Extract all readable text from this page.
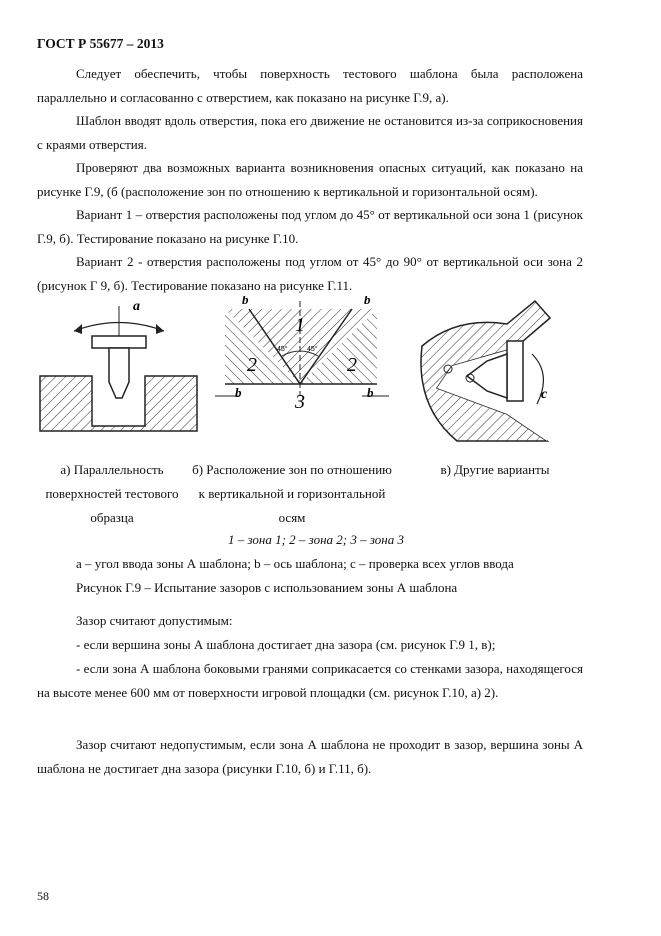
ГОСТ Р 55677 – 2013

Следует обеспечить, чтобы поверхность тестового шаблона была расположена параллельно и согласованно с отверстием, как показано на рисунке Г.9, а).

Шаблон вводят вдоль отверстия, пока его движение не остановится из-за соприкосновения с краями отверстия.

Проверяют два возможных варианта возникновения опасных ситуаций, как показано на рисунке Г.9, (б (расположение зон по отношению к вертикальной и горизонтальной осям).

Вариант 1 – отверстия расположены под углом до 45° от вертикальной оси зона 1 (рисунок Г.9, б). Тестирование показано на рисунке Г.10.

Вариант 2 - отверстия расположены под углом от 45° до 90° от вертикальной оси зона 2 (рисунок Г 9, б). Тестирование показано на рисунке Г.11.

a	b	b
b	b
1
2	2
3
45°	45°
c
а) Параллельность поверхностей тестового образца
б) Расположение зон по отношению к вертикальной и горизонтальной осям
в) Другие варианты
1 – зона 1; 2 – зона 2; 3 – зона 3
a – угол ввода зоны А шаблона; b – ось шаблона; c – проверка всех углов ввода
Рисунок Г.9 – Испытание зазоров с использованием зоны А шаблона

Зазор считают допустимым:

- если вершина зоны А шаблона достигает дна зазора (см. рисунок Г.9 1, в);

- если зона А шаблона боковыми гранями соприкасается со стенками зазора, находящегося на высоте менее 600 мм от поверхности игровой площадки (см. рисунок Г.10, а) 2).

Зазор считают недопустимым, если зона А шаблона не проходит в зазор, вершина зоны А шаблона не достигает дна зазора (рисунки Г.10, б) и Г.11, б).

58
